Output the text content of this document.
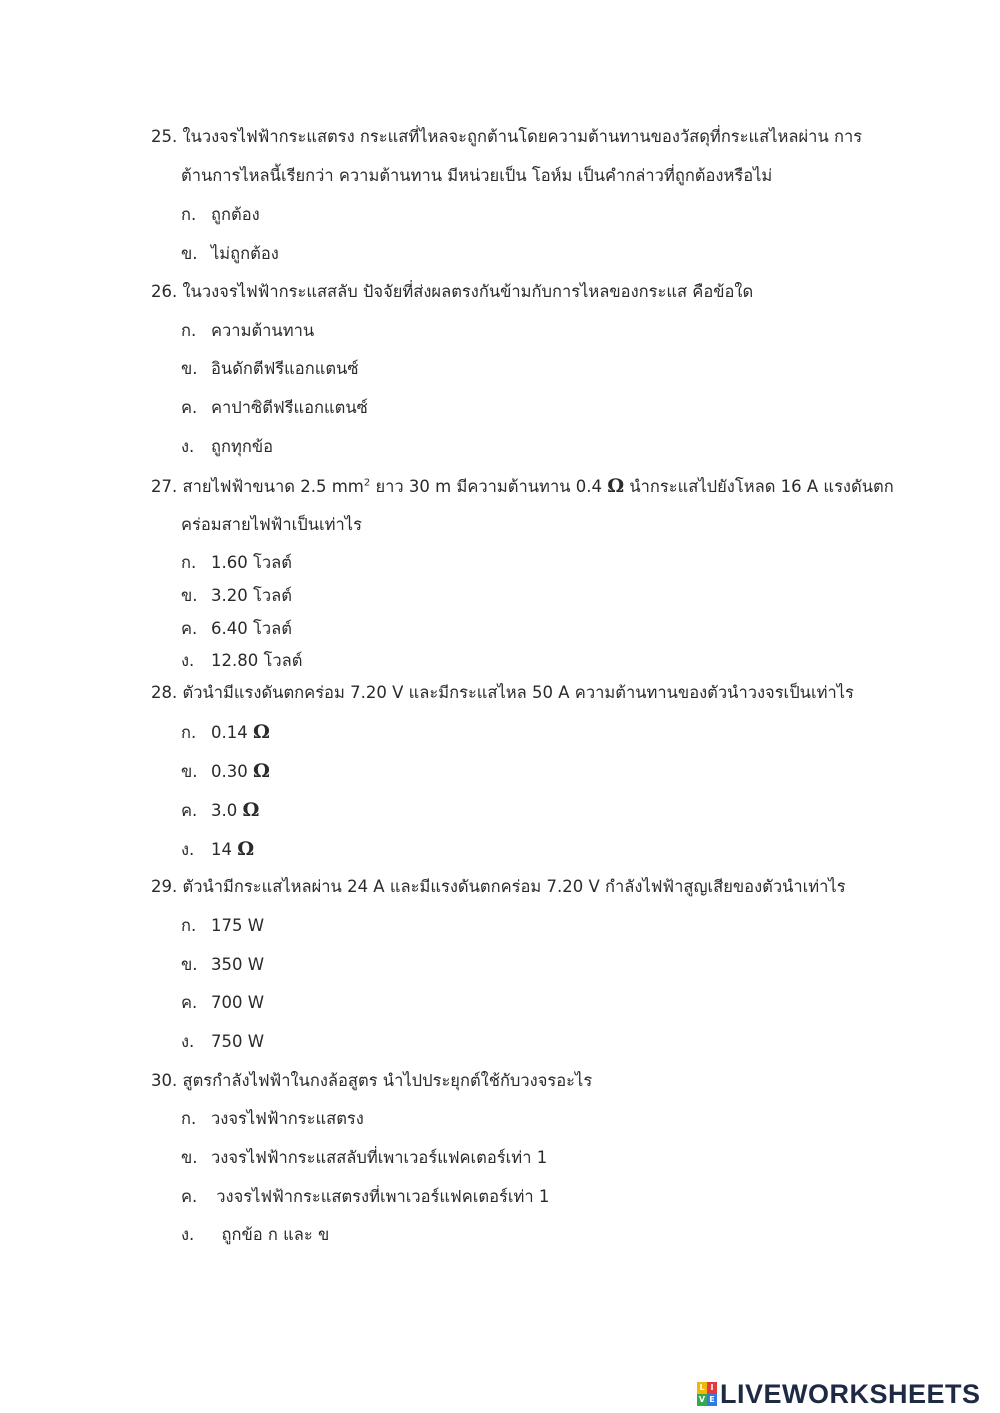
25. ในวงจรไฟฟ้ากระแสตรง กระแสที่ไหลจะถูกต้านโดยความต้านทานของวัสดุที่กระแสไหลผ่าน การ
ต้านการไหลนี้เรียกว่า ความต้านทาน มีหน่วยเป็น โอห์ม เป็นคำกล่าวที่ถูกต้องหรือไม่
ก. ถูกต้อง
ข. ไม่ถูกต้อง
26. ในวงจรไฟฟ้ากระแสสลับ ปัจจัยที่ส่งผลตรงกันข้ามกับการไหลของกระแส คือข้อใด
ก. ความต้านทาน
ข. อินดักตีฟรีแอกแตนซ์
ค. คาปาซิตีฟรีแอกแตนซ์
ง. ถูกทุกข้อ
27. สายไฟฟ้าขนาด 2.5 $mm^2$ ยาว 30 m มีความต้านทาน 0.4 Ω นำกระแสไปยังโหลด 16 A แรงดันตก
คร่อมสายไฟฟ้าเป็นเท่าไร
ก. 1.60 โวลต์
ข. 3.20 โวลต์
ค. 6.40 โวลต์
ง. 12.80 โวลต์
28. ตัวนำมีแรงดันตกคร่อม 7.20 V และมีกระแสไหล 50 A ความต้านทานของตัวนำวงจรเป็นเท่าไร
ก. 0.14 Ω
ข. 0.30 Ω
ค. 3.0 Ω
ง. 14 Ω
29. ตัวนำมีกระแสไหลผ่าน 24 A และมีแรงดันตกคร่อม 7.20 V กำลังไฟฟ้าสูญเสียของตัวนำเท่าไร
ก. 175 W
ข. 350 W
ค. 700 W
ง. 750 W
30. สูตรกำลังไฟฟ้าในกงล้อสูตร นำไปประยุกต์ใช้กับวงจรอะไร
ก. วงจรไฟฟ้ากระแสตรง
ข. วงจรไฟฟ้ากระแสสลับที่เพาเวอร์แฟคเตอร์เท่า 1
ค. วงจรไฟฟ้ากระแสตรงที่เพาเวอร์แฟคเตอร์เท่า 1
ง.  ถูกข้อ ก และ ข
L I
V E LIVEWORKSHEETS
